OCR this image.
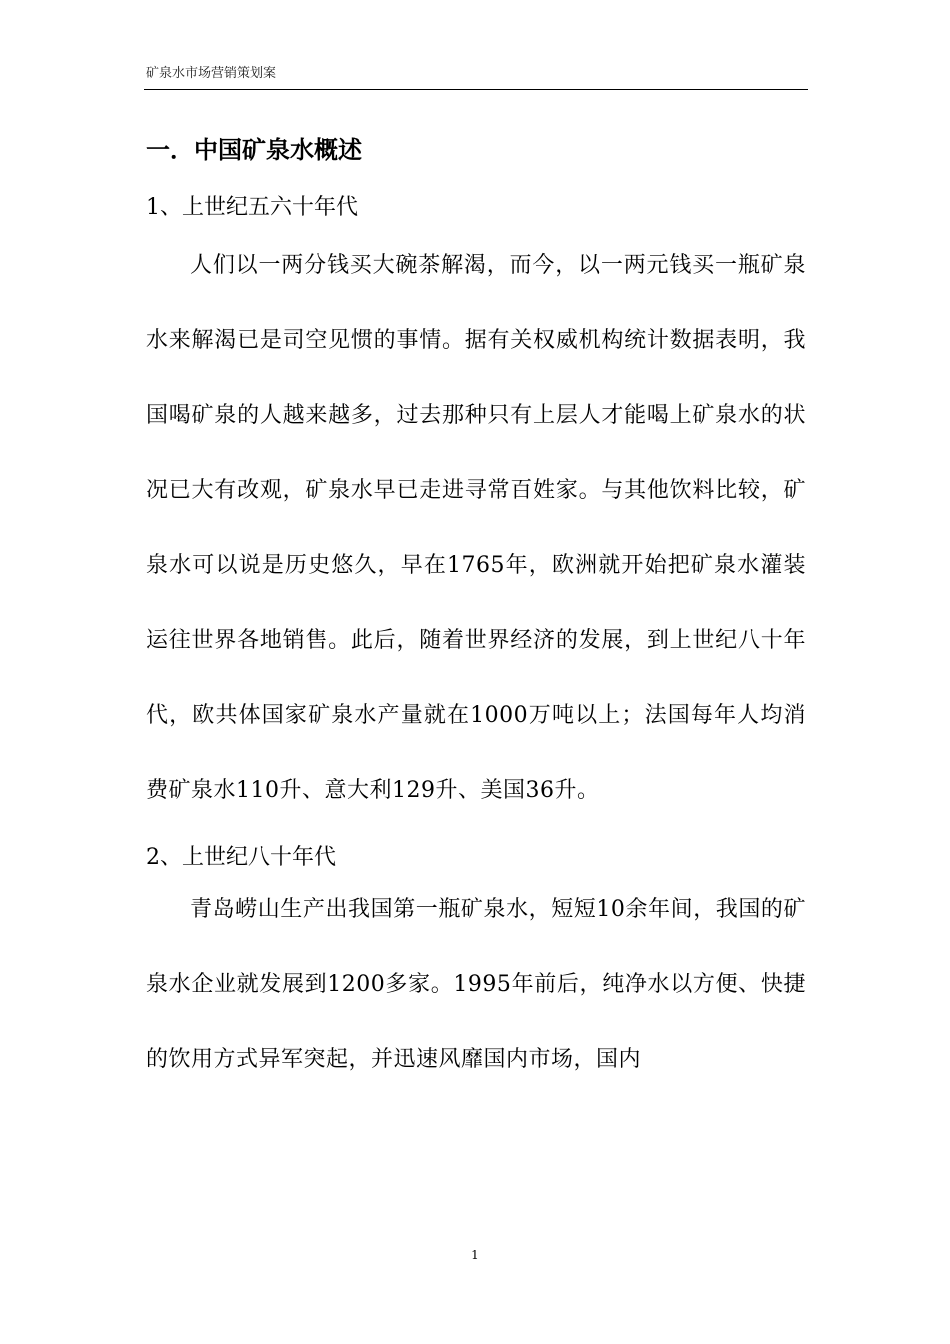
矿泉水市场营销策划案
一．中国矿泉水概述
1、上世纪五六十年代

人们以一两分钱买大碗茶解渴，而今，以一两元钱买一瓶矿泉水来解渴已是司空见惯的事情。据有关权威机构统计数据表明，我国喝矿泉的人越来越多，过去那种只有上层人才能喝上矿泉水的状况已大有改观，矿泉水早已走进寻常百姓家。与其他饮料比较，矿泉水可以说是历史悠久，早在1765年，欧洲就开始把矿泉水灌装运往世界各地销售。此后，随着世界经济的发展，到上世纪八十年代，欧共体国家矿泉水产量就在1000万吨以上；法国每年人均消费矿泉水110升、意大利129升、美国36升。

2、上世纪八十年代

青岛崂山生产出我国第一瓶矿泉水，短短10余年间，我国的矿泉水企业就发展到1200多家。1995年前后，纯净水以方便、快捷的饮用方式异军突起，并迅速风靡国内市场，国内

1
